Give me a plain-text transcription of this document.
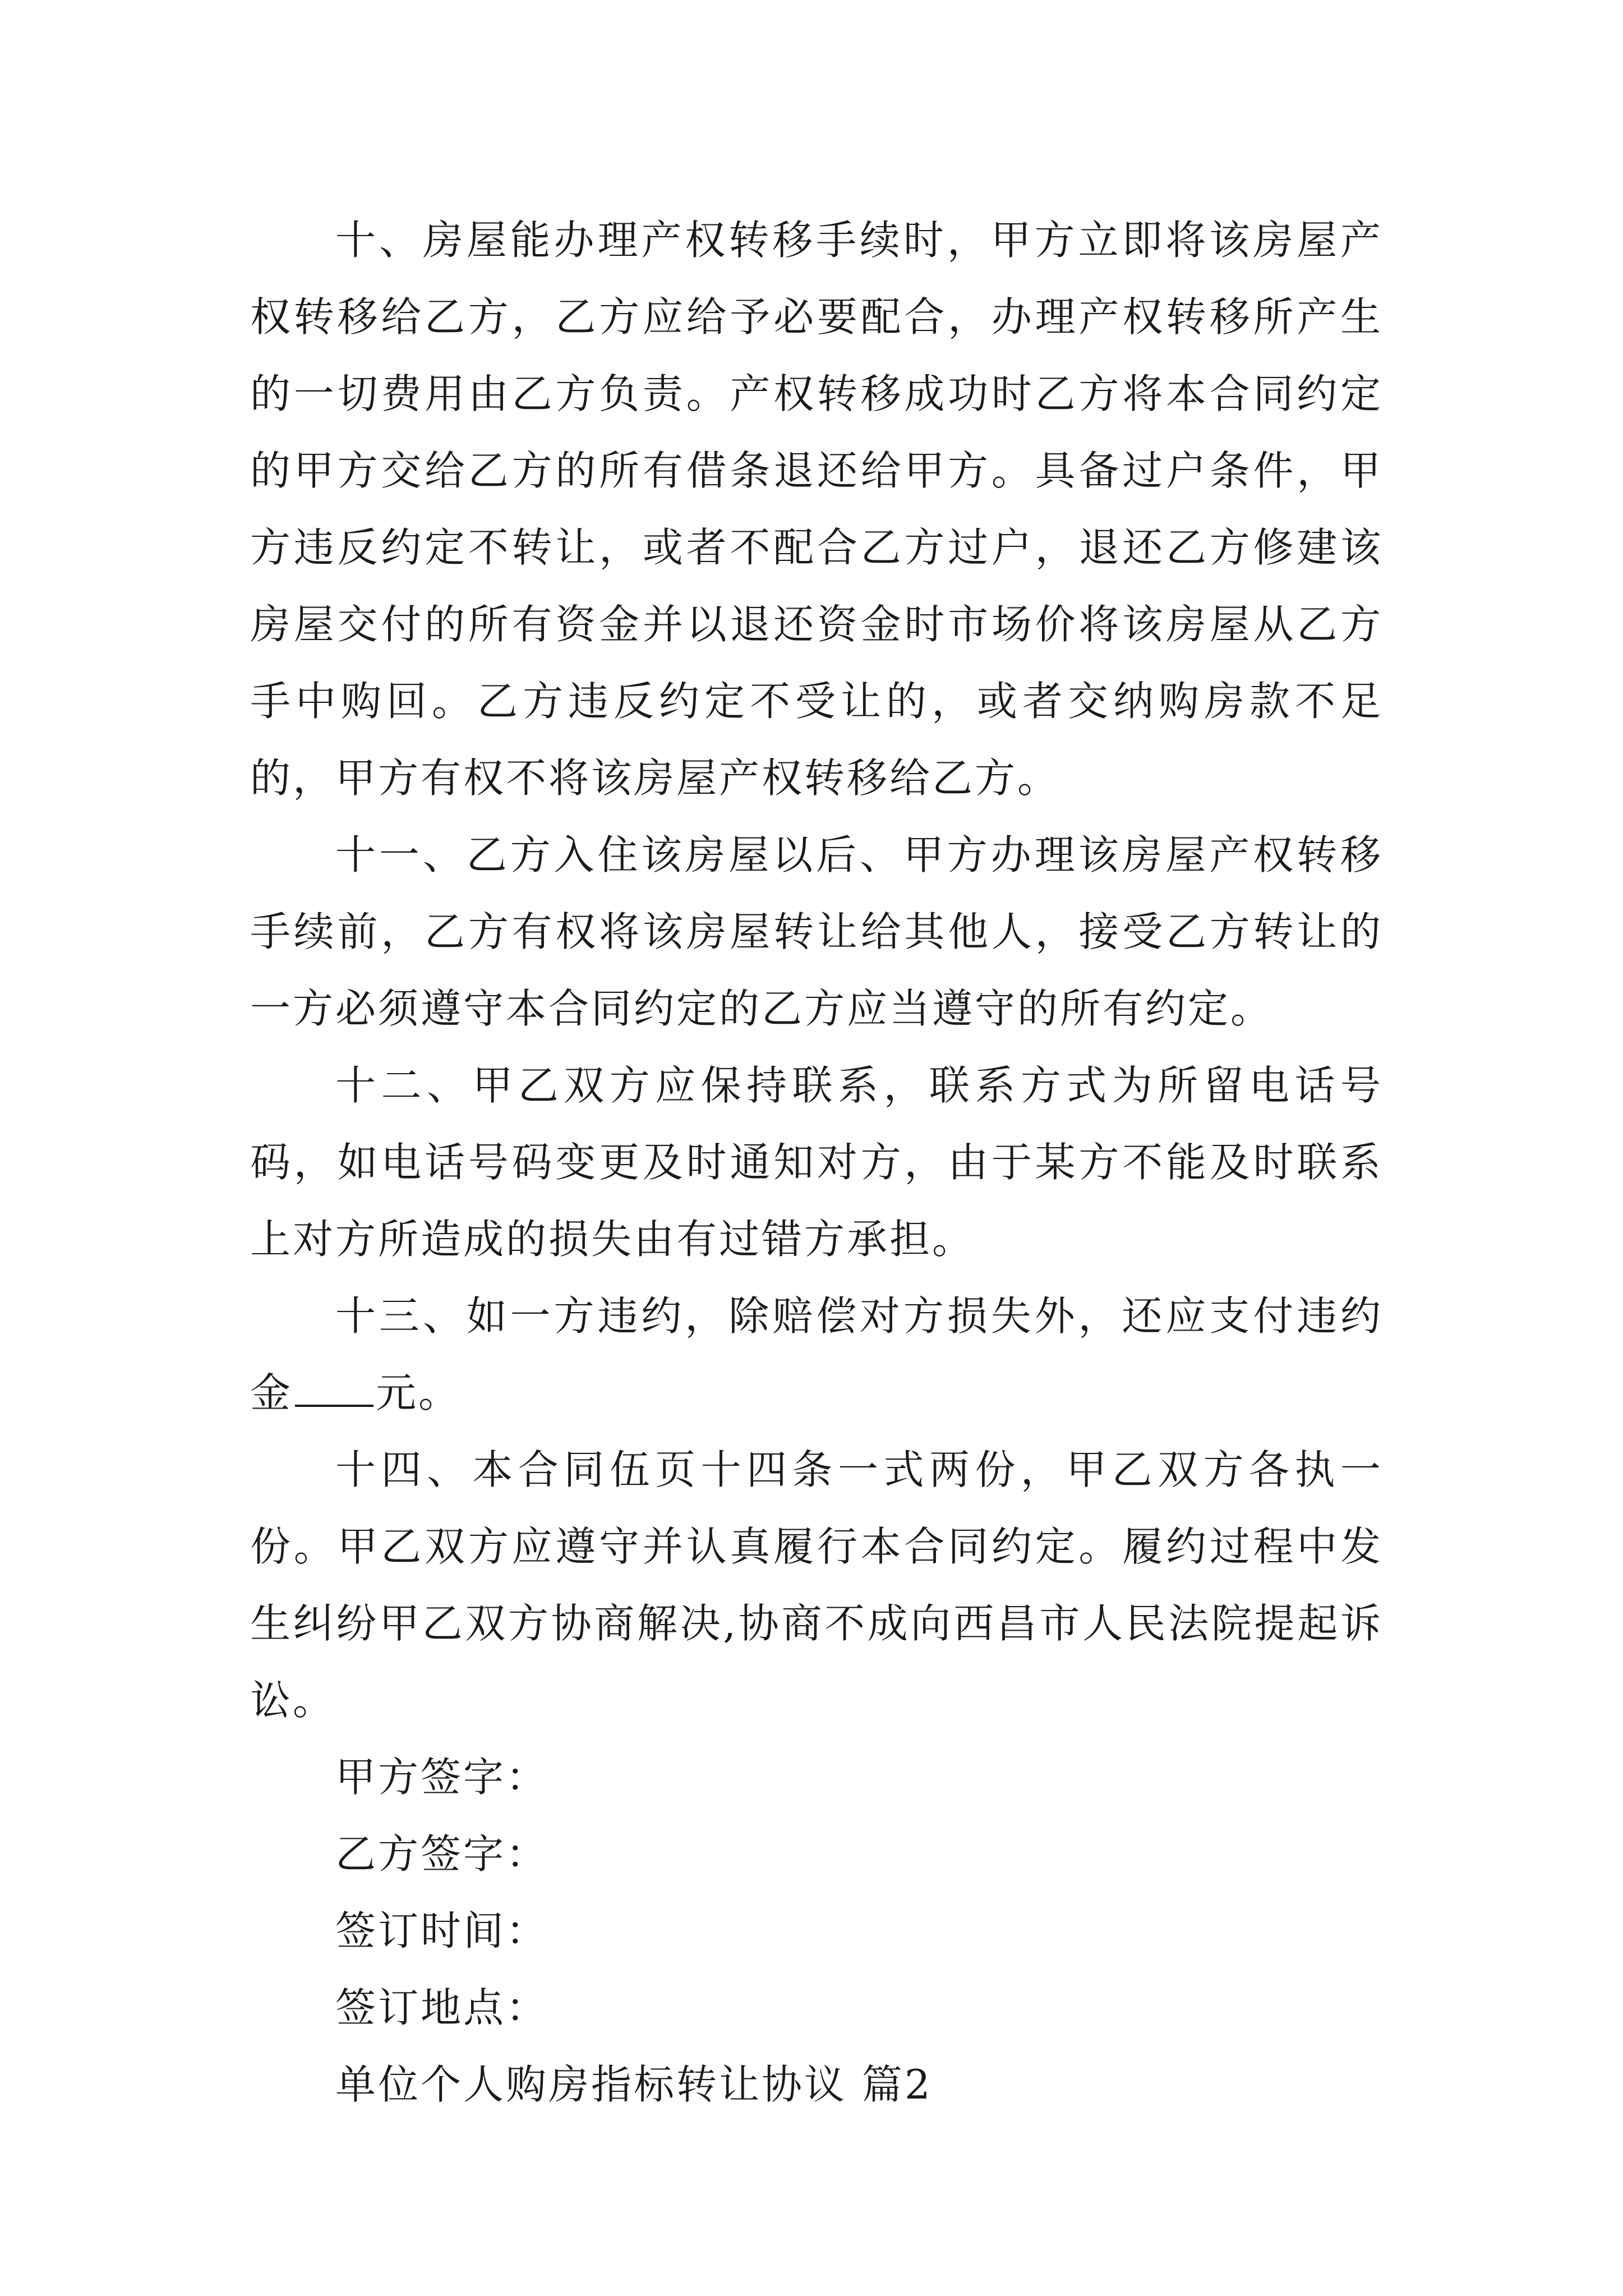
十、房屋能办理产权转移手续时，甲方立即将该房屋产权转移给乙方，乙方应给予必要配合，办理产权转移所产生的一切费用由乙方负责。产权转移成功时乙方将本合同约定的甲方交给乙方的所有借条退还给甲方。具备过户条件，甲方违反约定不转让，或者不配合乙方过户，退还乙方修建该房屋交付的所有资金并以退还资金时市场价将该房屋从乙方手中购回。乙方违反约定不受让的，或者交纳购房款不足的，甲方有权不将该房屋产权转移给乙方。

十一、乙方入住该房屋以后、甲方办理该房屋产权转移手续前，乙方有权将该房屋转让给其他人，接受乙方转让的一方必须遵守本合同约定的乙方应当遵守的所有约定。

十二、甲乙双方应保持联系，联系方式为所留电话号码，如电话号码变更及时通知对方，由于某方不能及时联系上对方所造成的损失由有过错方承担。

十三、如一方违约，除赔偿对方损失外，还应支付违约金 元。

十四、本合同伍页十四条一式两份，甲乙双方各执一份。甲乙双方应遵守并认真履行本合同约定。履约过程中发生纠纷甲乙双方协商解决,协商不成向西昌市人民法院提起诉讼。

甲方签字：

乙方签字：

签订时间：

签订地点：

单位个人购房指标转让协议 篇2
